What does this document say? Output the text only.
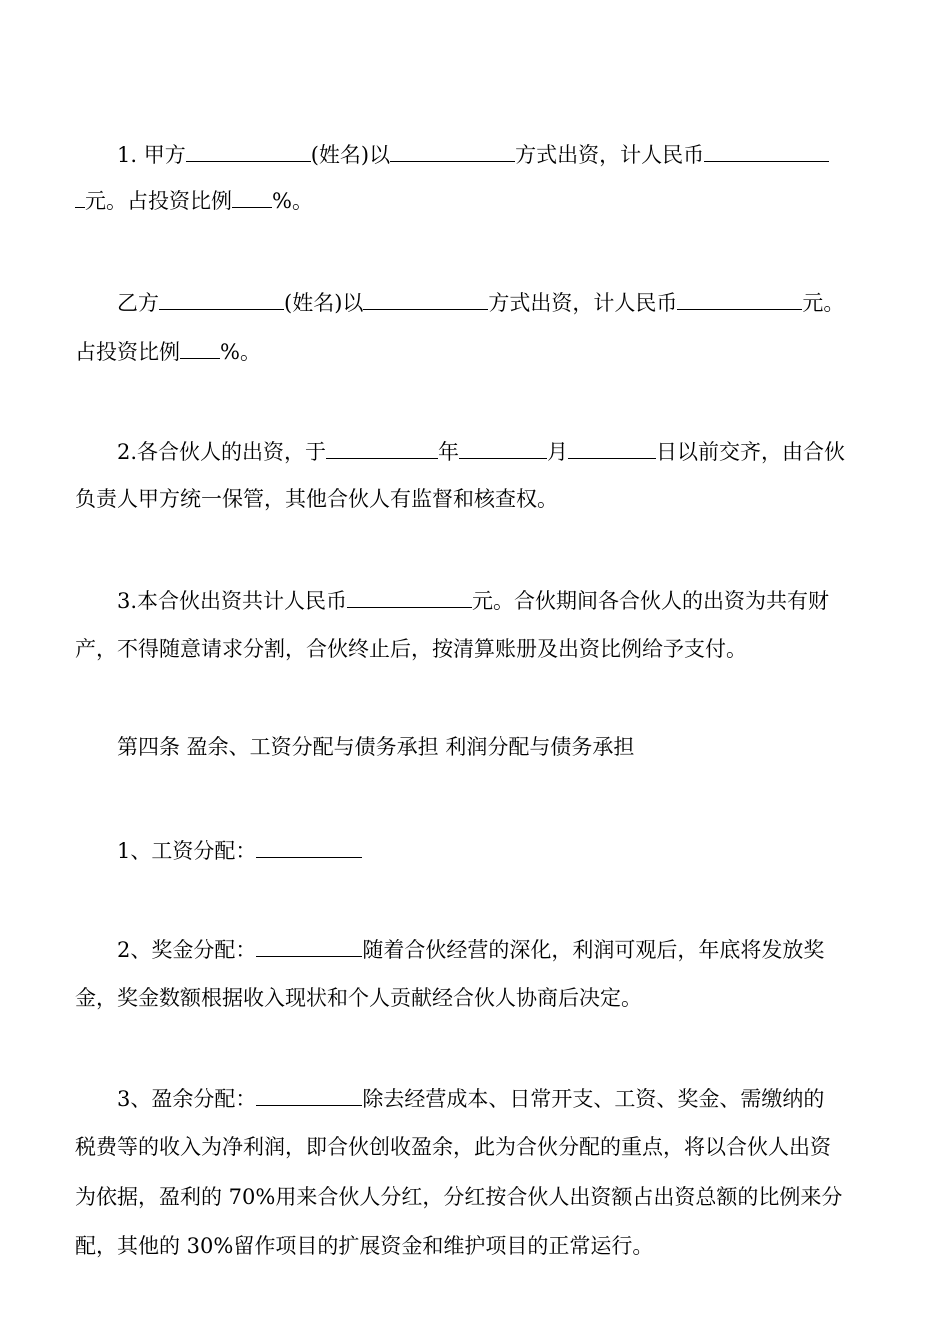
1. 甲方	(姓名)以	方式出资，计人民币
元。占投资比例 %。
乙方	(姓名)以	方式出资，计人民币	元。
占投资比例 %。
2.各合伙人的出资，于	年	月	日以前交齐，由合伙
负责人甲方统一保管，其他合伙人有监督和核查权。
3.本合伙出资共计人民币	元。合伙期间各合伙人的出资为共有财
产，不得随意请求分割，合伙终止后，按清算账册及出资比例给予支付。
第四条 盈余、工资分配与债务承担 利润分配与债务承担
1、工资分配：
2、奖金分配：	随着合伙经营的深化，利润可观后，年底将发放奖
金，奖金数额根据收入现状和个人贡献经合伙人协商后决定。
3、盈余分配：	除去经营成本、日常开支、工资、奖金、需缴纳的
税费等的收入为净利润，即合伙创收盈余，此为合伙分配的重点，将以合伙人出资
为依据，盈利的 70%用来合伙人分红，分红按合伙人出资额占出资总额的比例来分
配，其他的 30%留作项目的扩展资金和维护项目的正常运行。
